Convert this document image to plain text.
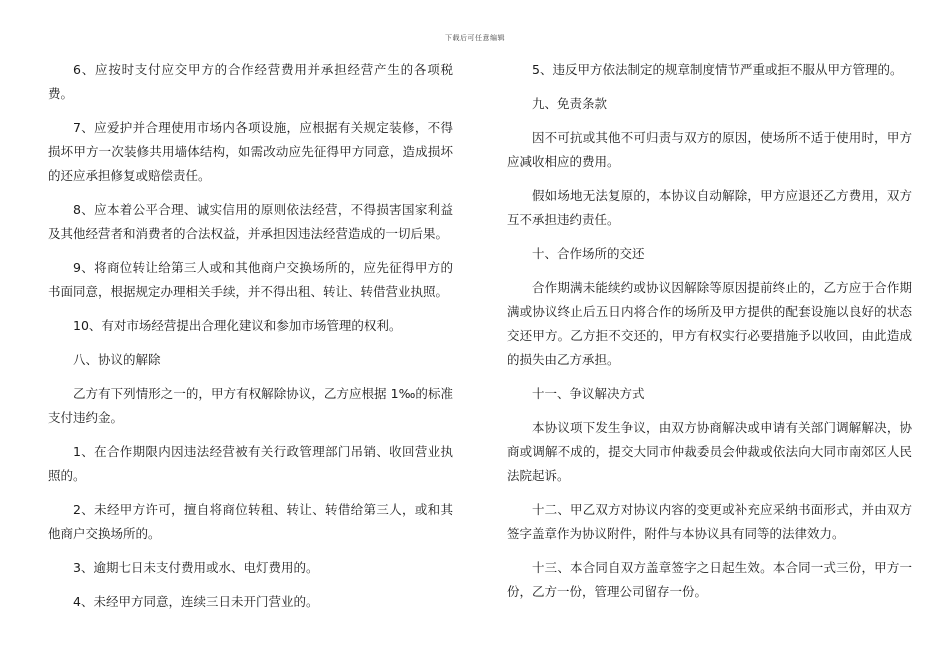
下载后可任意编辑

6、应按时支付应交甲方的合作经营费用并承担经营产生的各项税费。

7、应爱护并合理使用市场内各项设施，应根据有关规定装修，不得损坏甲方一次装修共用墙体结构，如需改动应先征得甲方同意，造成损坏的还应承担修复或赔偿责任。

8、应本着公平合理、诚实信用的原则依法经营，不得损害国家利益及其他经营者和消费者的合法权益，并承担因违法经营造成的一切后果。

9、将商位转让给第三人或和其他商户交换场所的，应先征得甲方的书面同意，根据规定办理相关手续，并不得出租、转让、转借营业执照。

10、有对市场经营提出合理化建议和参加市场管理的权利。

八、协议的解除

乙方有下列情形之一的，甲方有权解除协议，乙方应根据 1‰的标准支付违约金。

1、在合作期限内因违法经营被有关行政管理部门吊销、收回营业执照的。

2、未经甲方许可，擅自将商位转租、转让、转借给第三人，或和其他商户交换场所的。

3、逾期七日未支付费用或水、电灯费用的。

4、未经甲方同意，连续三日未开门营业的。

5、违反甲方依法制定的规章制度情节严重或拒不服从甲方管理的。

九、免责条款

因不可抗或其他不可归责与双方的原因，使场所不适于使用时，甲方应减收相应的费用。

假如场地无法复原的，本协议自动解除，甲方应退还乙方费用，双方互不承担违约责任。

十、合作场所的交还

合作期满未能续约或协议因解除等原因提前终止的，乙方应于合作期满或协议终止后五日内将合作的场所及甲方提供的配套设施以良好的状态交还甲方。乙方拒不交还的，甲方有权实行必要措施予以收回，由此造成的损失由乙方承担。

十一、争议解决方式

本协议项下发生争议，由双方协商解决或申请有关部门调解解决，协商或调解不成的，提交大同市仲裁委员会仲裁或依法向大同市南郊区人民法院起诉。

十二、甲乙双方对协议内容的变更或补充应采纳书面形式，并由双方签字盖章作为协议附件，附件与本协议具有同等的法律效力。

十三、本合同自双方盖章签字之日起生效。本合同一式三份，甲方一份，乙方一份，管理公司留存一份。
